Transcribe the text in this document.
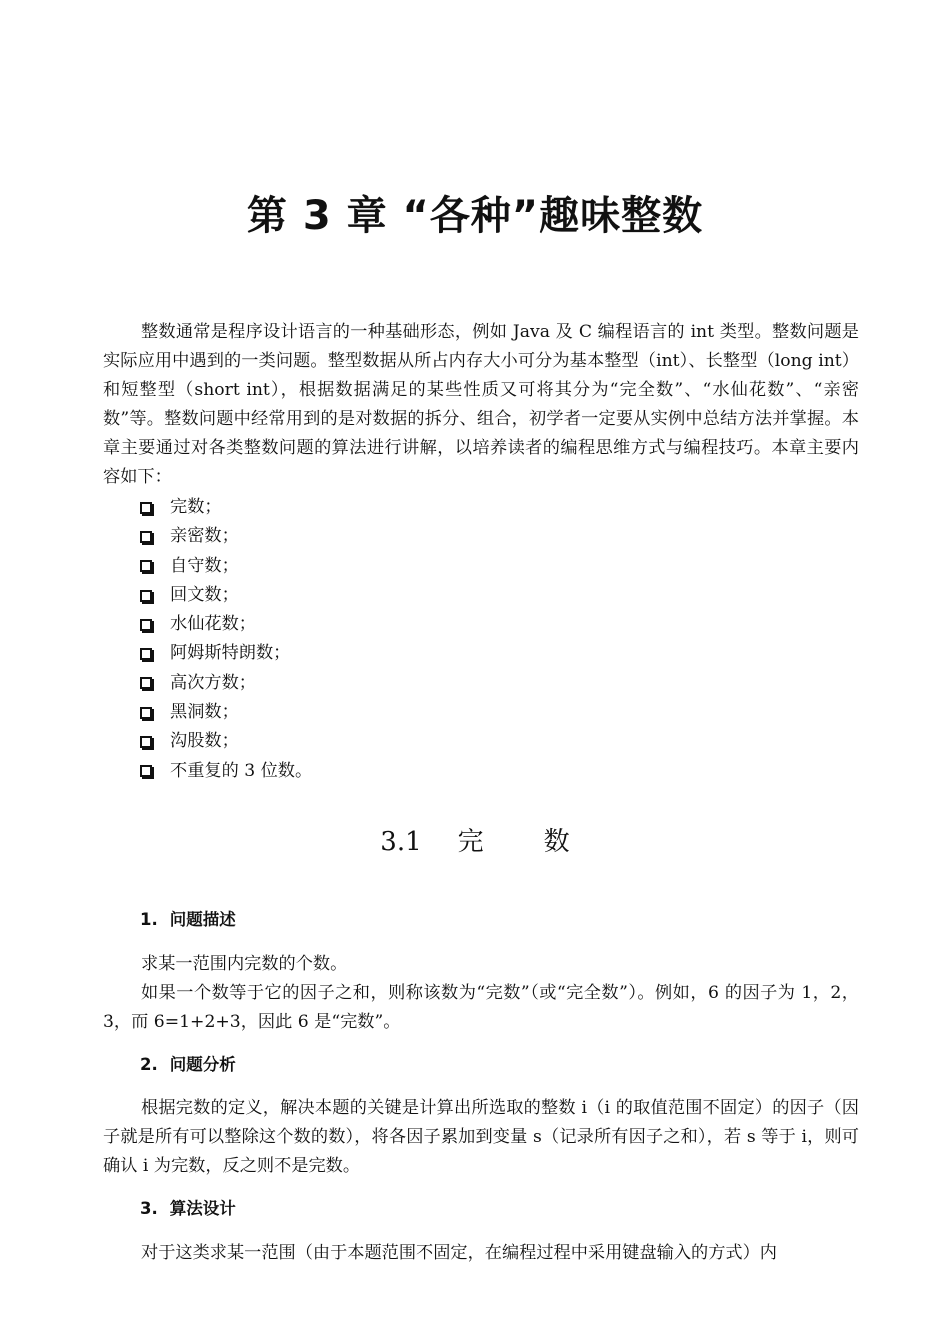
第 3 章 “各种”趣味整数

整数通常是程序设计语言的一种基础形态，例如 Java 及 C 编程语言的 int 类型。整数问题是实际应用中遇到的一类问题。整型数据从所占内存大小可分为基本整型（int）、长整型（long int）和短整型（short int），根据数据满足的某些性质又可将其分为“完全数”、“水仙花数”、“亲密数”等。整数问题中经常用到的是对数据的拆分、组合，初学者一定要从实例中总结方法并掌握。本章主要通过对各类整数问题的算法进行讲解，以培养读者的编程思维方式与编程技巧。本章主要内容如下：

完数；
亲密数；
自守数；
回文数；
水仙花数；
阿姆斯特朗数；
高次方数；
黑洞数；
沟股数；
不重复的 3 位数。
3.1 完 数
1. 问题描述

求某一范围内完数的个数。

如果一个数等于它的因子之和，则称该数为“完数”（或“完全数”）。例如，6 的因子为 1，2，3，而 6=1+2+3，因此 6 是“完数”。

2. 问题分析

根据完数的定义，解决本题的关键是计算出所选取的整数 i（i 的取值范围不固定）的因子（因子就是所有可以整除这个数的数），将各因子累加到变量 s（记录所有因子之和），若 s 等于 i，则可确认 i 为完数，反之则不是完数。

3. 算法设计

对于这类求某一范围（由于本题范围不固定，在编程过程中采用键盘输入的方式）内
